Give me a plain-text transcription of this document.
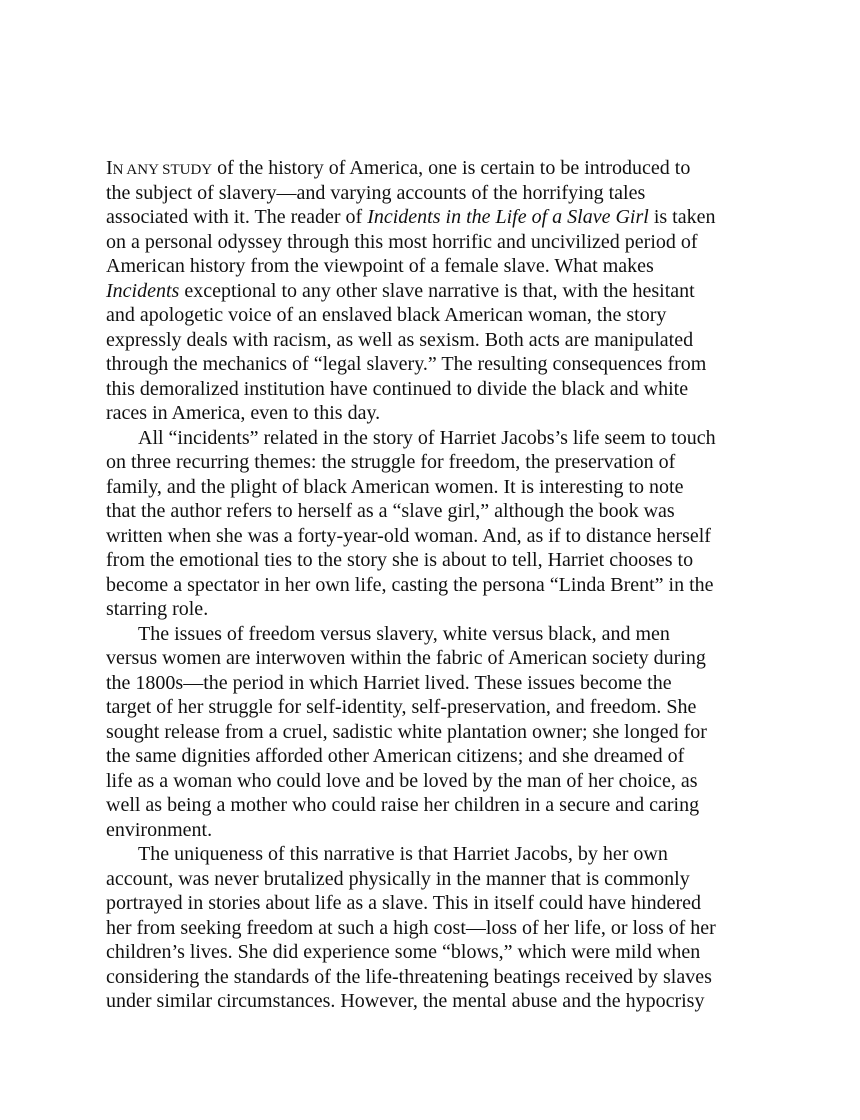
IN ANY STUDY of the history of America, one is certain to be introduced to
the subject of slavery—and varying accounts of the horrifying tales
associated with it. The reader of Incidents in the Life of a Slave Girl is taken
on a personal odyssey through this most horrific and uncivilized period of
American history from the viewpoint of a female slave. What makes
Incidents exceptional to any other slave narrative is that, with the hesitant
and apologetic voice of an enslaved black American woman, the story
expressly deals with racism, as well as sexism. Both acts are manipulated
through the mechanics of “legal slavery.” The resulting consequences from
this demoralized institution have continued to divide the black and white
races in America, even to this day.
All “incidents” related in the story of Harriet Jacobs’s life seem to touch
on three recurring themes: the struggle for freedom, the preservation of
family, and the plight of black American women. It is interesting to note
that the author refers to herself as a “slave girl,” although the book was
written when she was a forty-year-old woman. And, as if to distance herself
from the emotional ties to the story she is about to tell, Harriet chooses to
become a spectator in her own life, casting the persona “Linda Brent” in the
starring role.
The issues of freedom versus slavery, white versus black, and men
versus women are interwoven within the fabric of American society during
the 1800s—the period in which Harriet lived. These issues become the
target of her struggle for self-identity, self-preservation, and freedom. She
sought release from a cruel, sadistic white plantation owner; she longed for
the same dignities afforded other American citizens; and she dreamed of
life as a woman who could love and be loved by the man of her choice, as
well as being a mother who could raise her children in a secure and caring
environment.
The uniqueness of this narrative is that Harriet Jacobs, by her own
account, was never brutalized physically in the manner that is commonly
portrayed in stories about life as a slave. This in itself could have hindered
her from seeking freedom at such a high cost—loss of her life, or loss of her
children’s lives. She did experience some “blows,” which were mild when
considering the standards of the life-threatening beatings received by slaves
under similar circumstances. However, the mental abuse and the hypocrisy
